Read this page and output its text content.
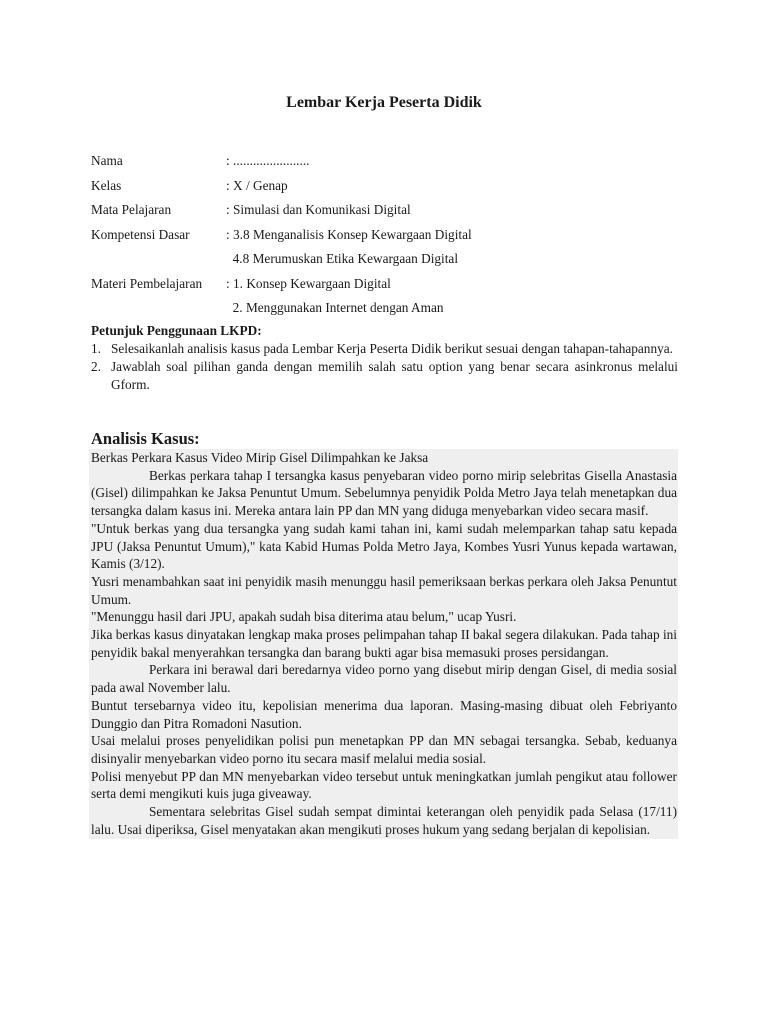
Lembar Kerja Peserta Didik
Nama	: .......................
Kelas	: X / Genap
Mata Pelajaran	: Simulasi dan Komunikasi Digital
Kompetensi Dasar	: 3.8 Menganalisis Konsep Kewargaan Digital
4.8 Merumuskan Etika Kewargaan Digital
Materi Pembelajaran : 1. Konsep Kewargaan Digital
2. Menggunakan Internet dengan Aman
Petunjuk Penggunaan LKPD:
1. Selesaikanlah analisis kasus pada Lembar Kerja Peserta Didik berikut sesuai dengan tahapan-tahapannya.
2. Jawablah soal pilihan ganda dengan memilih salah satu option yang benar secara asinkronus melalui Gform.
Analisis Kasus:

Berkas Perkara Kasus Video Mirip Gisel Dilimpahkan ke Jaksa

Berkas perkara tahap I tersangka kasus penyebaran video porno mirip selebritas Gisella Anastasia (Gisel) dilimpahkan ke Jaksa Penuntut Umum. Sebelumnya penyidik Polda Metro Jaya telah menetapkan dua tersangka dalam kasus ini. Mereka antara lain PP dan MN yang diduga menyebarkan video secara masif.

"Untuk berkas yang dua tersangka yang sudah kami tahan ini, kami sudah melemparkan tahap satu kepada JPU (Jaksa Penuntut Umum)," kata Kabid Humas Polda Metro Jaya, Kombes Yusri Yunus kepada wartawan, Kamis (3/12).

Yusri menambahkan saat ini penyidik masih menunggu hasil pemeriksaan berkas perkara oleh Jaksa Penuntut Umum.

"Menunggu hasil dari JPU, apakah sudah bisa diterima atau belum," ucap Yusri.

Jika berkas kasus dinyatakan lengkap maka proses pelimpahan tahap II bakal segera dilakukan. Pada tahap ini penyidik bakal menyerahkan tersangka dan barang bukti agar bisa memasuki proses persidangan.

Perkara ini berawal dari beredarnya video porno yang disebut mirip dengan Gisel, di media sosial pada awal November lalu.

Buntut tersebarnya video itu, kepolisian menerima dua laporan. Masing-masing dibuat oleh Febriyanto Dunggio dan Pitra Romadoni Nasution.

Usai melalui proses penyelidikan polisi pun menetapkan PP dan MN sebagai tersangka. Sebab, keduanya disinyalir menyebarkan video porno itu secara masif melalui media sosial.

Polisi menyebut PP dan MN menyebarkan video tersebut untuk meningkatkan jumlah pengikut atau follower serta demi mengikuti kuis juga giveaway.

Sementara selebritas Gisel sudah sempat dimintai keterangan oleh penyidik pada Selasa (17/11) lalu. Usai diperiksa, Gisel menyatakan akan mengikuti proses hukum yang sedang berjalan di kepolisian.
